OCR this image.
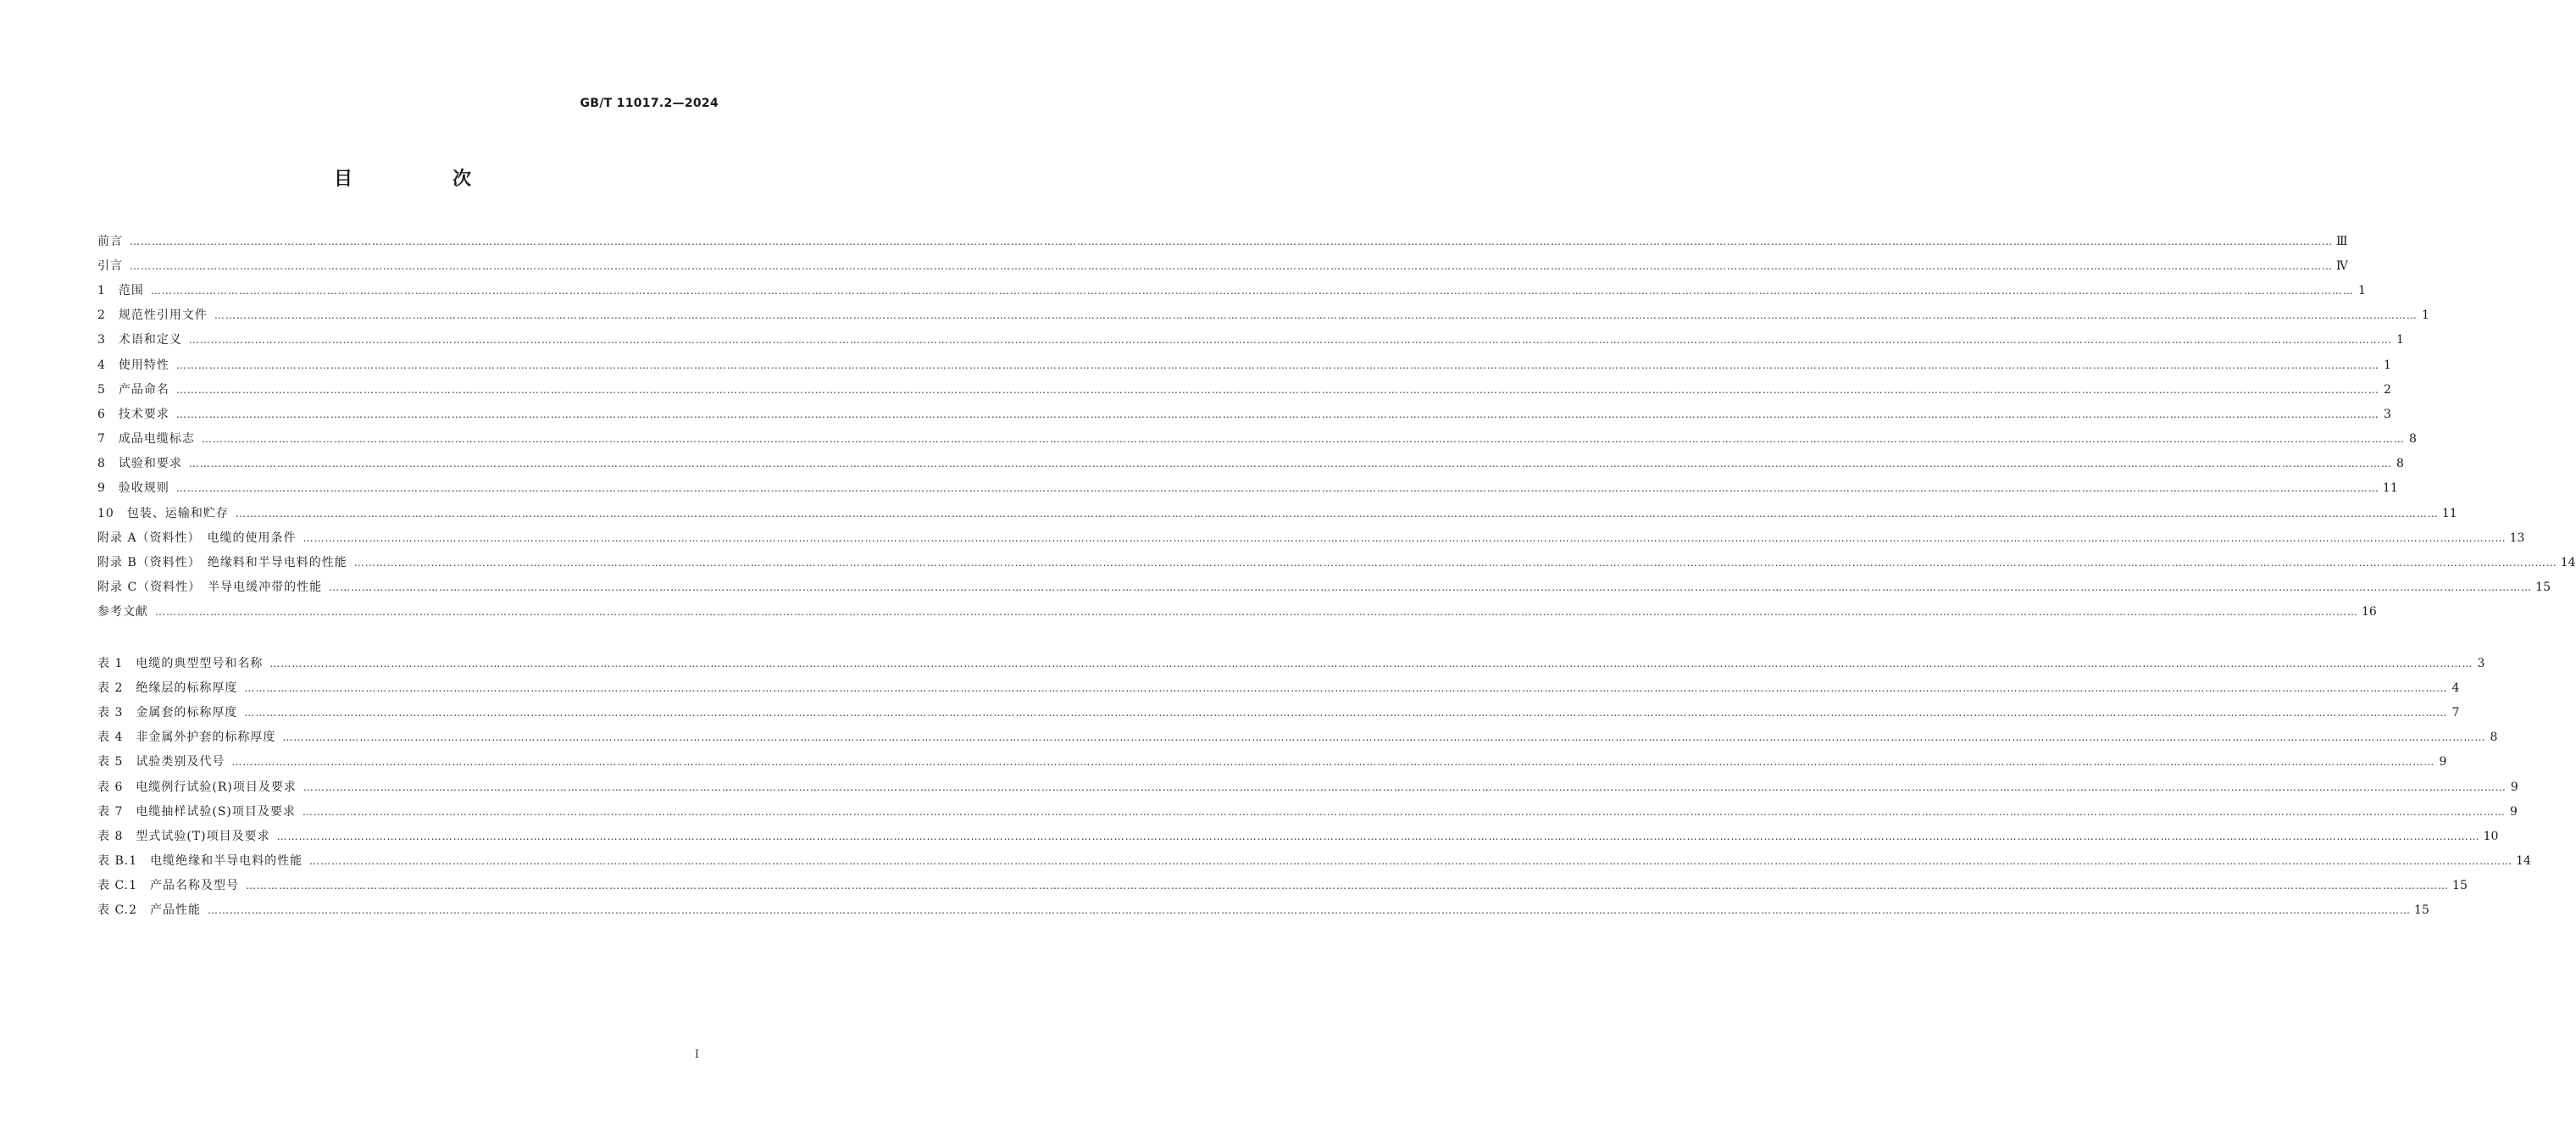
GB/T 11017.2—2024
目　次
前言 …………………………………………………………………………………………………………………………………………………………………………………………………………………………………………………………………………………………………………………………………………………………………………………………………………………………………………………………………………………………………………………………………………………… Ⅲ
引言 …………………………………………………………………………………………………………………………………………………………………………………………………………………………………………………………………………………………………………………………………………………………………………………………………………………………………………………………………………………………………………………………………………………… Ⅳ
1　范围 …………………………………………………………………………………………………………………………………………………………………………………………………………………………………………………………………………………………………………………………………………………………………………………………………………………………………………………………………………………………………………………………………………………… 1
2　规范性引用文件 …………………………………………………………………………………………………………………………………………………………………………………………………………………………………………………………………………………………………………………………………………………………………………………………………………………………………………………………………………………………………………………………………………………… 1
3　术语和定义 …………………………………………………………………………………………………………………………………………………………………………………………………………………………………………………………………………………………………………………………………………………………………………………………………………………………………………………………………………………………………………………………………………………… 1
4　使用特性 …………………………………………………………………………………………………………………………………………………………………………………………………………………………………………………………………………………………………………………………………………………………………………………………………………………………………………………………………………………………………………………………………………………… 1
5　产品命名 …………………………………………………………………………………………………………………………………………………………………………………………………………………………………………………………………………………………………………………………………………………………………………………………………………………………………………………………………………………………………………………………………………………… 2
6　技术要求 …………………………………………………………………………………………………………………………………………………………………………………………………………………………………………………………………………………………………………………………………………………………………………………………………………………………………………………………………………………………………………………………………………………… 3
7　成品电缆标志 …………………………………………………………………………………………………………………………………………………………………………………………………………………………………………………………………………………………………………………………………………………………………………………………………………………………………………………………………………………………………………………………………………………… 8
8　试验和要求 …………………………………………………………………………………………………………………………………………………………………………………………………………………………………………………………………………………………………………………………………………………………………………………………………………………………………………………………………………………………………………………………………………………… 8
9　验收规则 …………………………………………………………………………………………………………………………………………………………………………………………………………………………………………………………………………………………………………………………………………………………………………………………………………………………………………………………………………………………………………………………………………………… 11
10　包装、运输和贮存 …………………………………………………………………………………………………………………………………………………………………………………………………………………………………………………………………………………………………………………………………………………………………………………………………………………………………………………………………………………………………………………………………………………… 11
附录 A（资料性）　电缆的使用条件 …………………………………………………………………………………………………………………………………………………………………………………………………………………………………………………………………………………………………………………………………………………………………………………………………………………………………………………………………………………………………………………………………………………… 13
附录 B（资料性）　绝缘料和半导电料的性能 …………………………………………………………………………………………………………………………………………………………………………………………………………………………………………………………………………………………………………………………………………………………………………………………………………………………………………………………………………………………………………………………………………………… 14
附录 C（资料性）　半导电缓冲带的性能 …………………………………………………………………………………………………………………………………………………………………………………………………………………………………………………………………………………………………………………………………………………………………………………………………………………………………………………………………………………………………………………………………………………… 15
参考文献 …………………………………………………………………………………………………………………………………………………………………………………………………………………………………………………………………………………………………………………………………………………………………………………………………………………………………………………………………………………………………………………………………………………… 16
表 1　电缆的典型型号和名称 …………………………………………………………………………………………………………………………………………………………………………………………………………………………………………………………………………………………………………………………………………………………………………………………………………………………………………………………………………………………………………………………………………………… 3
表 2　绝缘层的标称厚度 …………………………………………………………………………………………………………………………………………………………………………………………………………………………………………………………………………………………………………………………………………………………………………………………………………………………………………………………………………………………………………………………………………………… 4
表 3　金属套的标称厚度 …………………………………………………………………………………………………………………………………………………………………………………………………………………………………………………………………………………………………………………………………………………………………………………………………………………………………………………………………………………………………………………………………………………… 7
表 4　非金属外护套的标称厚度 …………………………………………………………………………………………………………………………………………………………………………………………………………………………………………………………………………………………………………………………………………………………………………………………………………………………………………………………………………………………………………………………………………………… 8
表 5　试验类别及代号 …………………………………………………………………………………………………………………………………………………………………………………………………………………………………………………………………………………………………………………………………………………………………………………………………………………………………………………………………………………………………………………………………………………… 9
表 6　电缆例行试验(R)项目及要求 …………………………………………………………………………………………………………………………………………………………………………………………………………………………………………………………………………………………………………………………………………………………………………………………………………………………………………………………………………………………………………………………………………………… 9
表 7　电缆抽样试验(S)项目及要求 …………………………………………………………………………………………………………………………………………………………………………………………………………………………………………………………………………………………………………………………………………………………………………………………………………………………………………………………………………………………………………………………………………………… 9
表 8　型式试验(T)项目及要求 …………………………………………………………………………………………………………………………………………………………………………………………………………………………………………………………………………………………………………………………………………………………………………………………………………………………………………………………………………………………………………………………………………………… 10
表 B.1　电缆绝缘和半导电料的性能 …………………………………………………………………………………………………………………………………………………………………………………………………………………………………………………………………………………………………………………………………………………………………………………………………………………………………………………………………………………………………………………………………………………… 14
表 C.1　产品名称及型号 …………………………………………………………………………………………………………………………………………………………………………………………………………………………………………………………………………………………………………………………………………………………………………………………………………………………………………………………………………………………………………………………………………………… 15
表 C.2　产品性能 …………………………………………………………………………………………………………………………………………………………………………………………………………………………………………………………………………………………………………………………………………………………………………………………………………………………………………………………………………………………………………………………………………………… 15
I
